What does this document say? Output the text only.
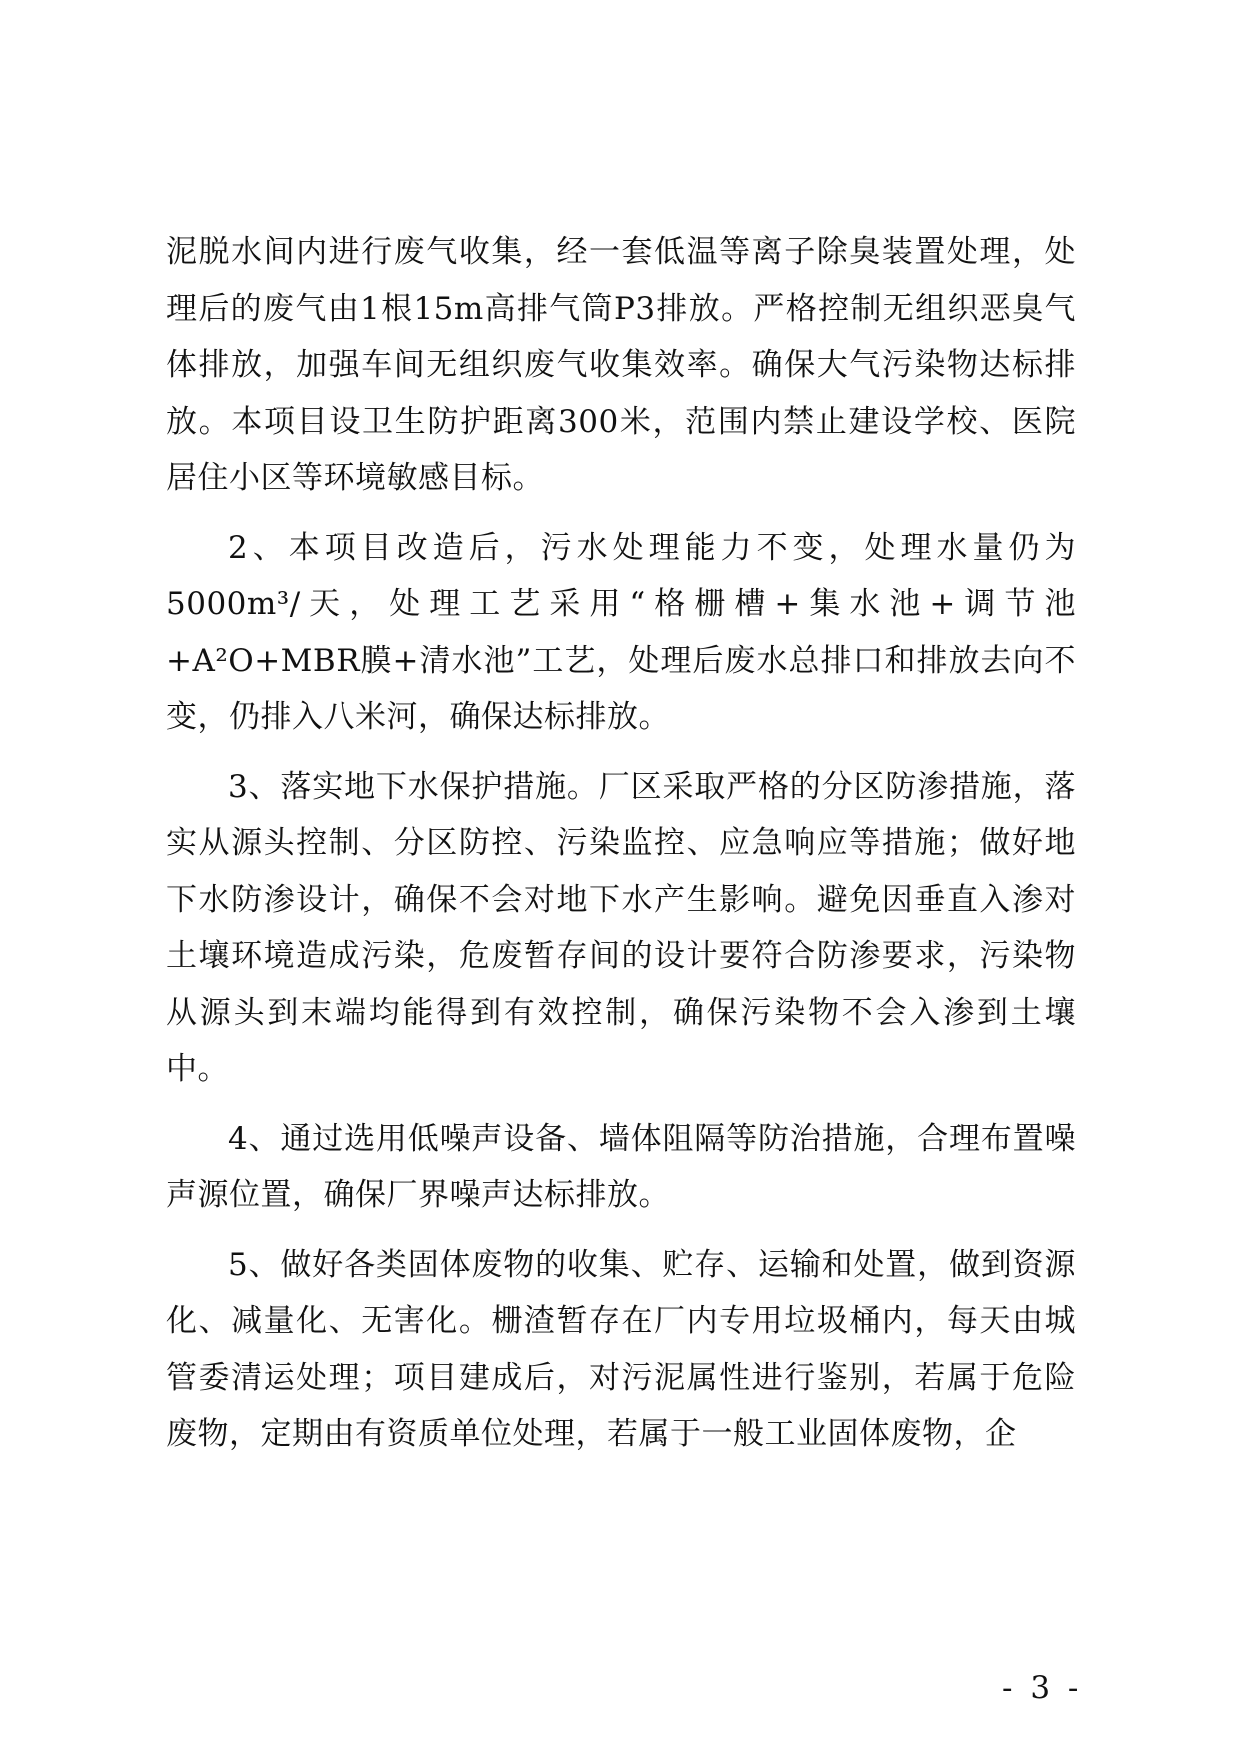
泥脱水间内进行废气收集，经一套低温等离子除臭装置处理，处理后的废气由1根15m高排气筒P3排放。严格控制无组织恶臭气体排放，加强车间无组织废气收集效率。确保大气污染物达标排放。本项目设卫生防护距离300米，范围内禁止建设学校、医院居住小区等环境敏感目标。

2、本项目改造后，污水处理能力不变，处理水量仍为5000m³/天，处理工艺采用“格栅槽+集水池+调节池+A²O+MBR膜+清水池”工艺，处理后废水总排口和排放去向不变，仍排入八米河，确保达标排放。

3、落实地下水保护措施。厂区采取严格的分区防渗措施，落实从源头控制、分区防控、污染监控、应急响应等措施；做好地下水防渗设计，确保不会对地下水产生影响。避免因垂直入渗对土壤环境造成污染，危废暂存间的设计要符合防渗要求，污染物从源头到末端均能得到有效控制，确保污染物不会入渗到土壤中。

4、通过选用低噪声设备、墙体阻隔等防治措施，合理布置噪声源位置，确保厂界噪声达标排放。

5、做好各类固体废物的收集、贮存、运输和处置，做到资源化、减量化、无害化。栅渣暂存在厂内专用垃圾桶内，每天由城管委清运处理；项目建成后，对污泥属性进行鉴别，若属于危险废物，定期由有资质单位处理，若属于一般工业固体废物，企

- 3 -
